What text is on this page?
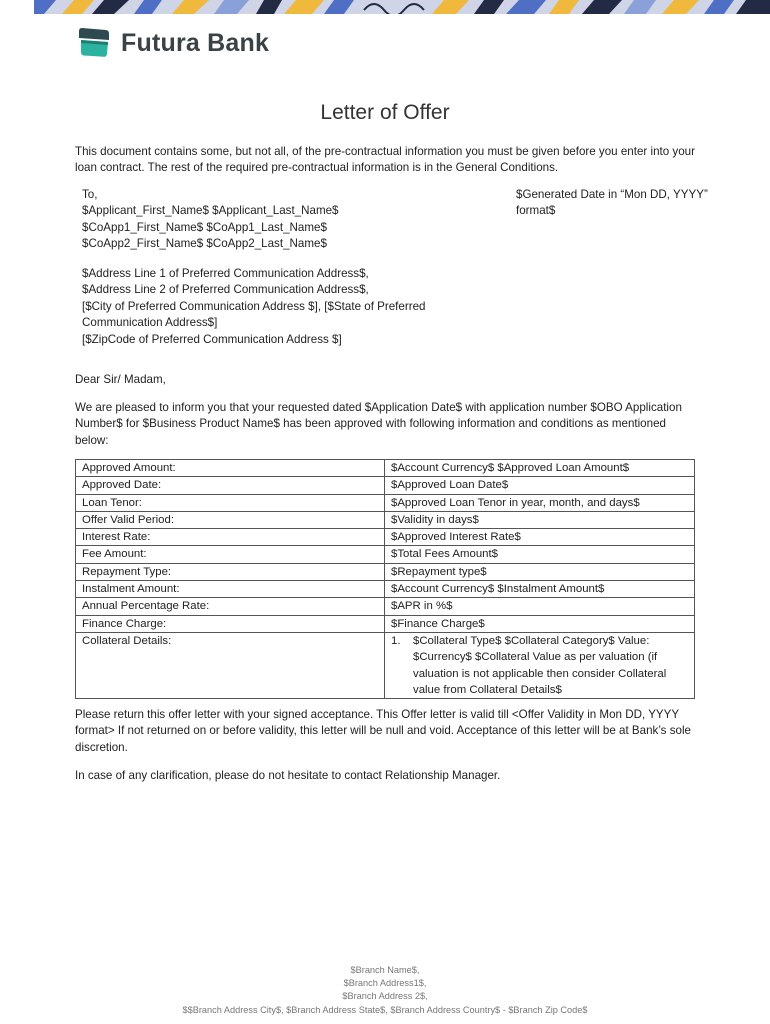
Futura Bank
Letter of Offer
This document contains some, but not all, of the pre-contractual information you must be given before you enter into your loan contract. The rest of the required pre-contractual information is in the General Conditions.
To,
$Applicant_First_Name$ $Applicant_Last_Name$
$CoApp1_First_Name$ $CoApp1_Last_Name$
$CoApp2_First_Name$ $CoApp2_Last_Name$
$Generated Date in “Mon DD, YYYY” format$
$Address Line 1 of Preferred Communication Address$,
$Address Line 2 of Preferred Communication Address$,
[$City of Preferred Communication Address $], [$State of Preferred Communication Address$]
[$ZipCode of Preferred Communication Address $]
Dear Sir/ Madam,
We are pleased to inform you that your requested dated $Application Date$ with application number $OBO Application Number$ for $Business Product Name$ has been approved with following information and conditions as mentioned below:
Approved Amount:	$Account Currency$ $Approved Loan Amount$
Approved Date:	$Approved Loan Date$
Loan Tenor:	$Approved Loan Tenor in year, month, and days$
Offer Valid Period:	$Validity in days$
Interest Rate:	$Approved Interest Rate$
Fee Amount:	$Total Fees Amount$
Repayment Type:	$Repayment type$
Instalment Amount:	$Account Currency$ $Instalment Amount$
Annual Percentage Rate:	$APR in %$
Finance Charge:	$Finance Charge$
Collateral Details:	1. $Collateral Type$ $Collateral Category$ Value: $Currency$ $Collateral Value as per valuation (if valuation is not applicable then consider Collateral value from Collateral Details$
Please return this offer letter with your signed acceptance. This Offer letter is valid till <Offer Validity in Mon DD, YYYY format> If not returned on or before validity, this letter will be null and void. Acceptance of this letter will be at Bank’s sole discretion.
In case of any clarification, please do not hesitate to contact Relationship Manager.
$Branch Name$,
$Branch Address1$,
$Branch Address 2$,
$$Branch Address City$, $Branch Address State$, $Branch Address Country$ - $Branch Zip Code$
